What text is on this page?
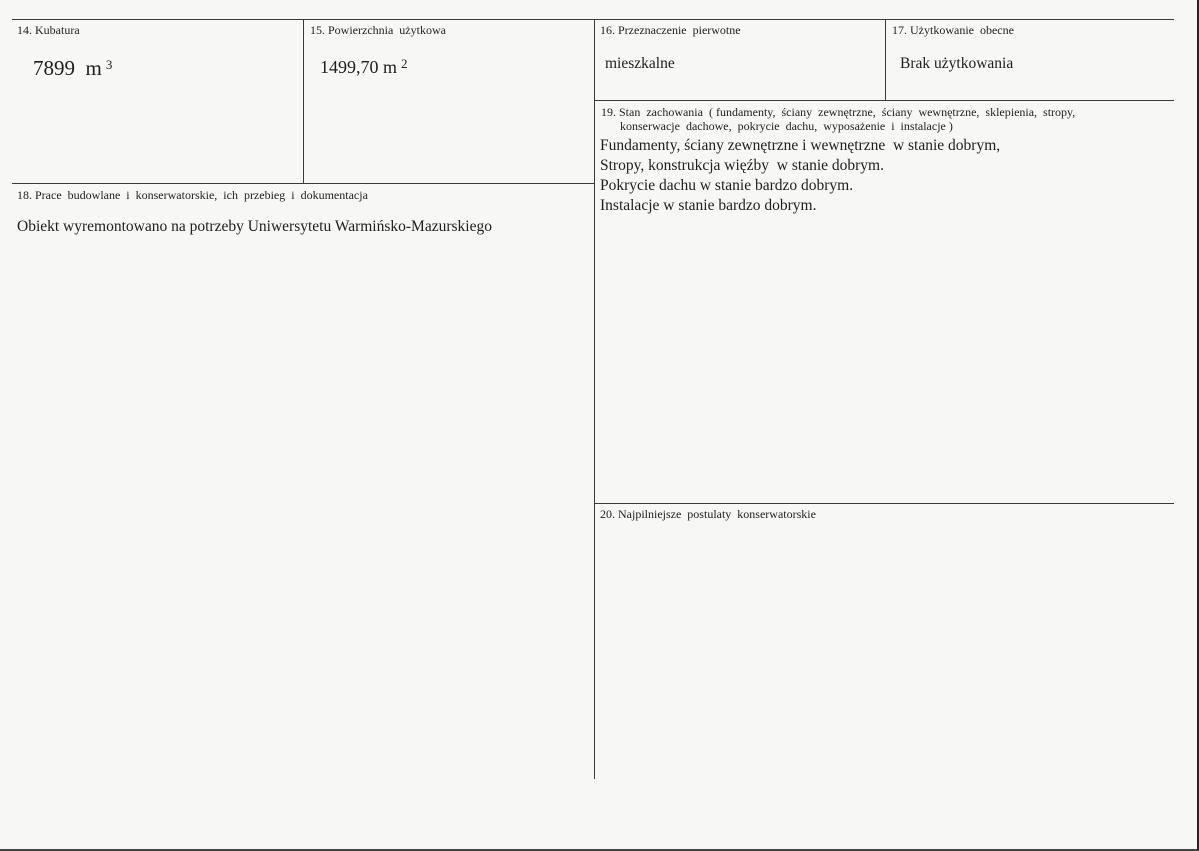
14. Kubatura
7899  m $^3$
15. Powierzchnia  użytkowa
1499,70 m $^2$
16. Przeznaczenie  pierwotne
mieszkalne
17. Użytkowanie  obecne
Brak użytkowania
19. Stan  zachowania  ( fundamenty,  ściany  zewnętrzne,  ściany  wewnętrzne,  sklepienia,  stropy,
konserwacje  dachowe,  pokrycie  dachu,  wyposażenie  i  instalacje )
Fundamenty, ściany zewnętrzne i wewnętrzne  w stanie dobrym,
Stropy, konstrukcja więźby  w stanie dobrym.
Pokrycie dachu w stanie bardzo dobrym.
Instalacje w stanie bardzo dobrym.
18. Prace  budowlane  i  konserwatorskie,  ich  przebieg  i  dokumentacja
Obiekt wyremontowano na potrzeby Uniwersytetu Warmińsko-Mazurskiego
20. Najpilniejsze  postulaty  konserwatorskie
